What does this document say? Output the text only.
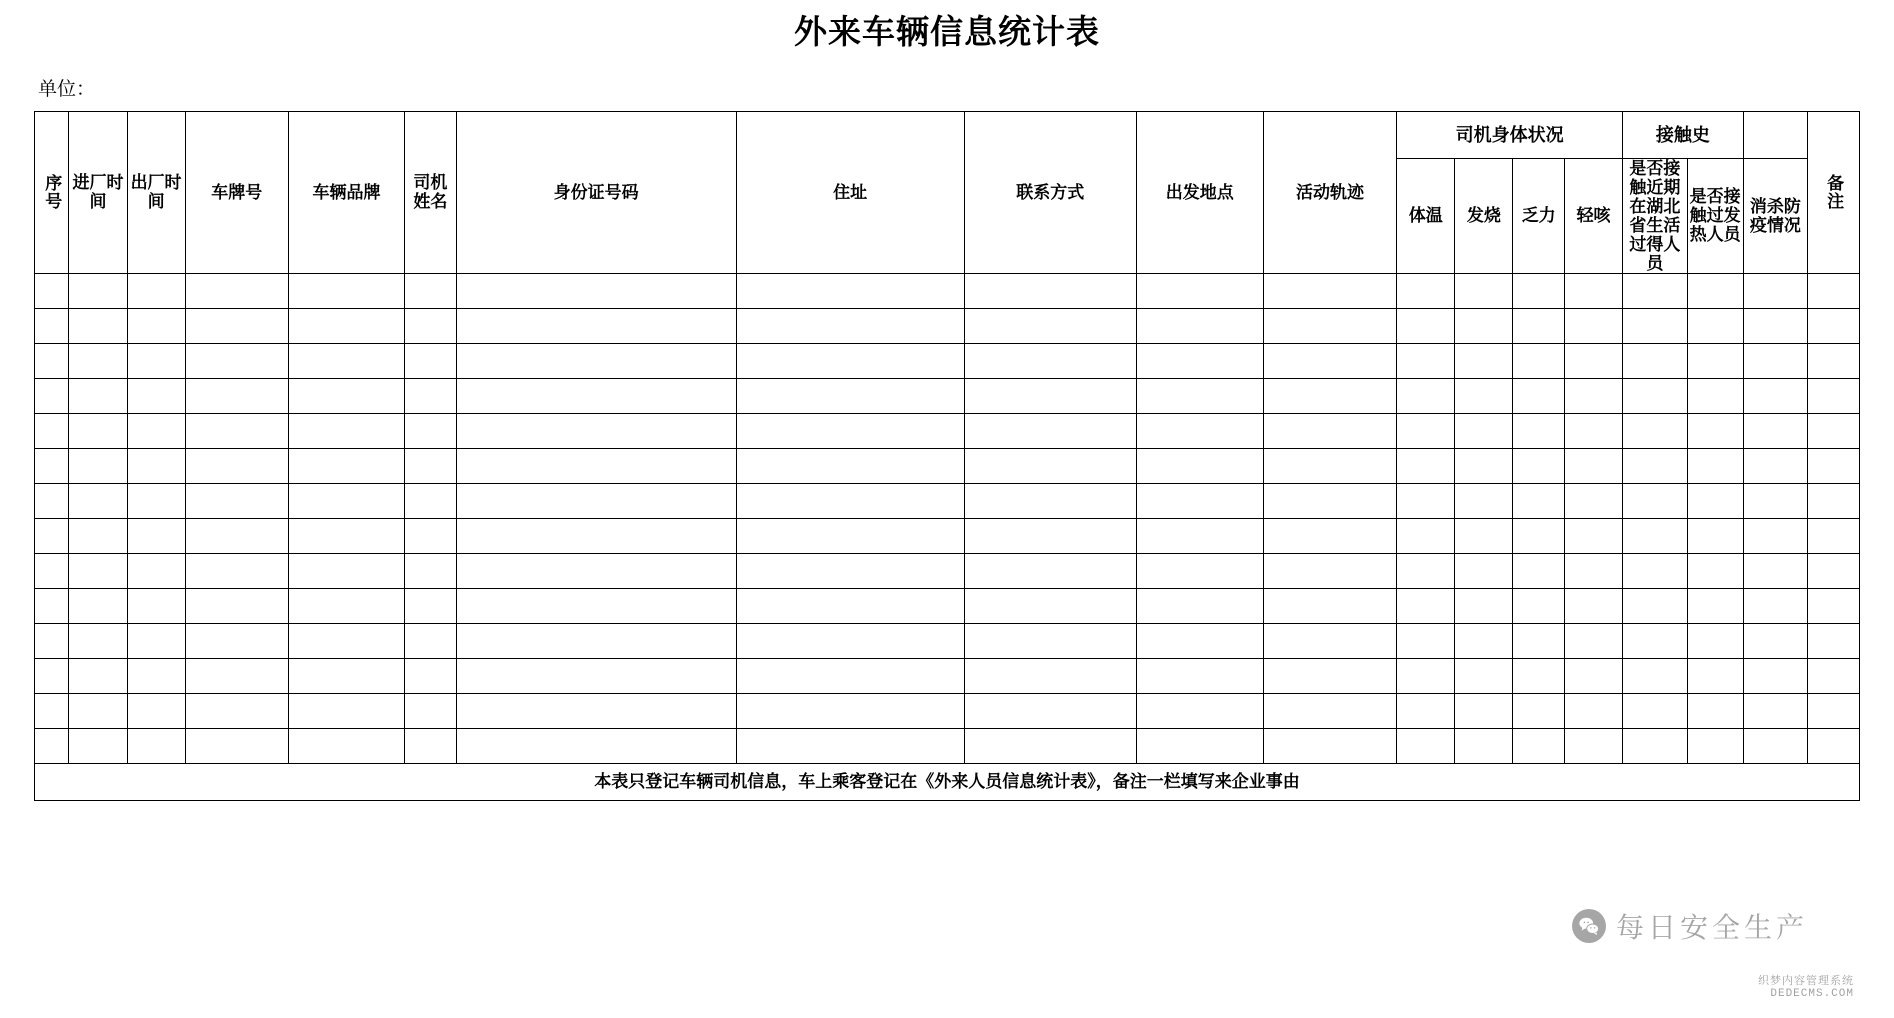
外来车辆信息统计表
单位：
序号	进厂时间	出厂时间	车牌号	车辆品牌	司机姓名	身份证号码	住址	联系方式	出发地点	活动轨迹	司机身体状况				接触史			备注
											体温	发烧	乏力	轻咳	是否接触近期在湖北省生活过得人员	是否接触过发热人员	消杀防疫情况	

本表只登记车辆司机信息，车上乘客登记在《外来人员信息统计表》，备注一栏填写来企业事由																		
每日安全生产
织梦内容管理系统
DEDECMS.COM
